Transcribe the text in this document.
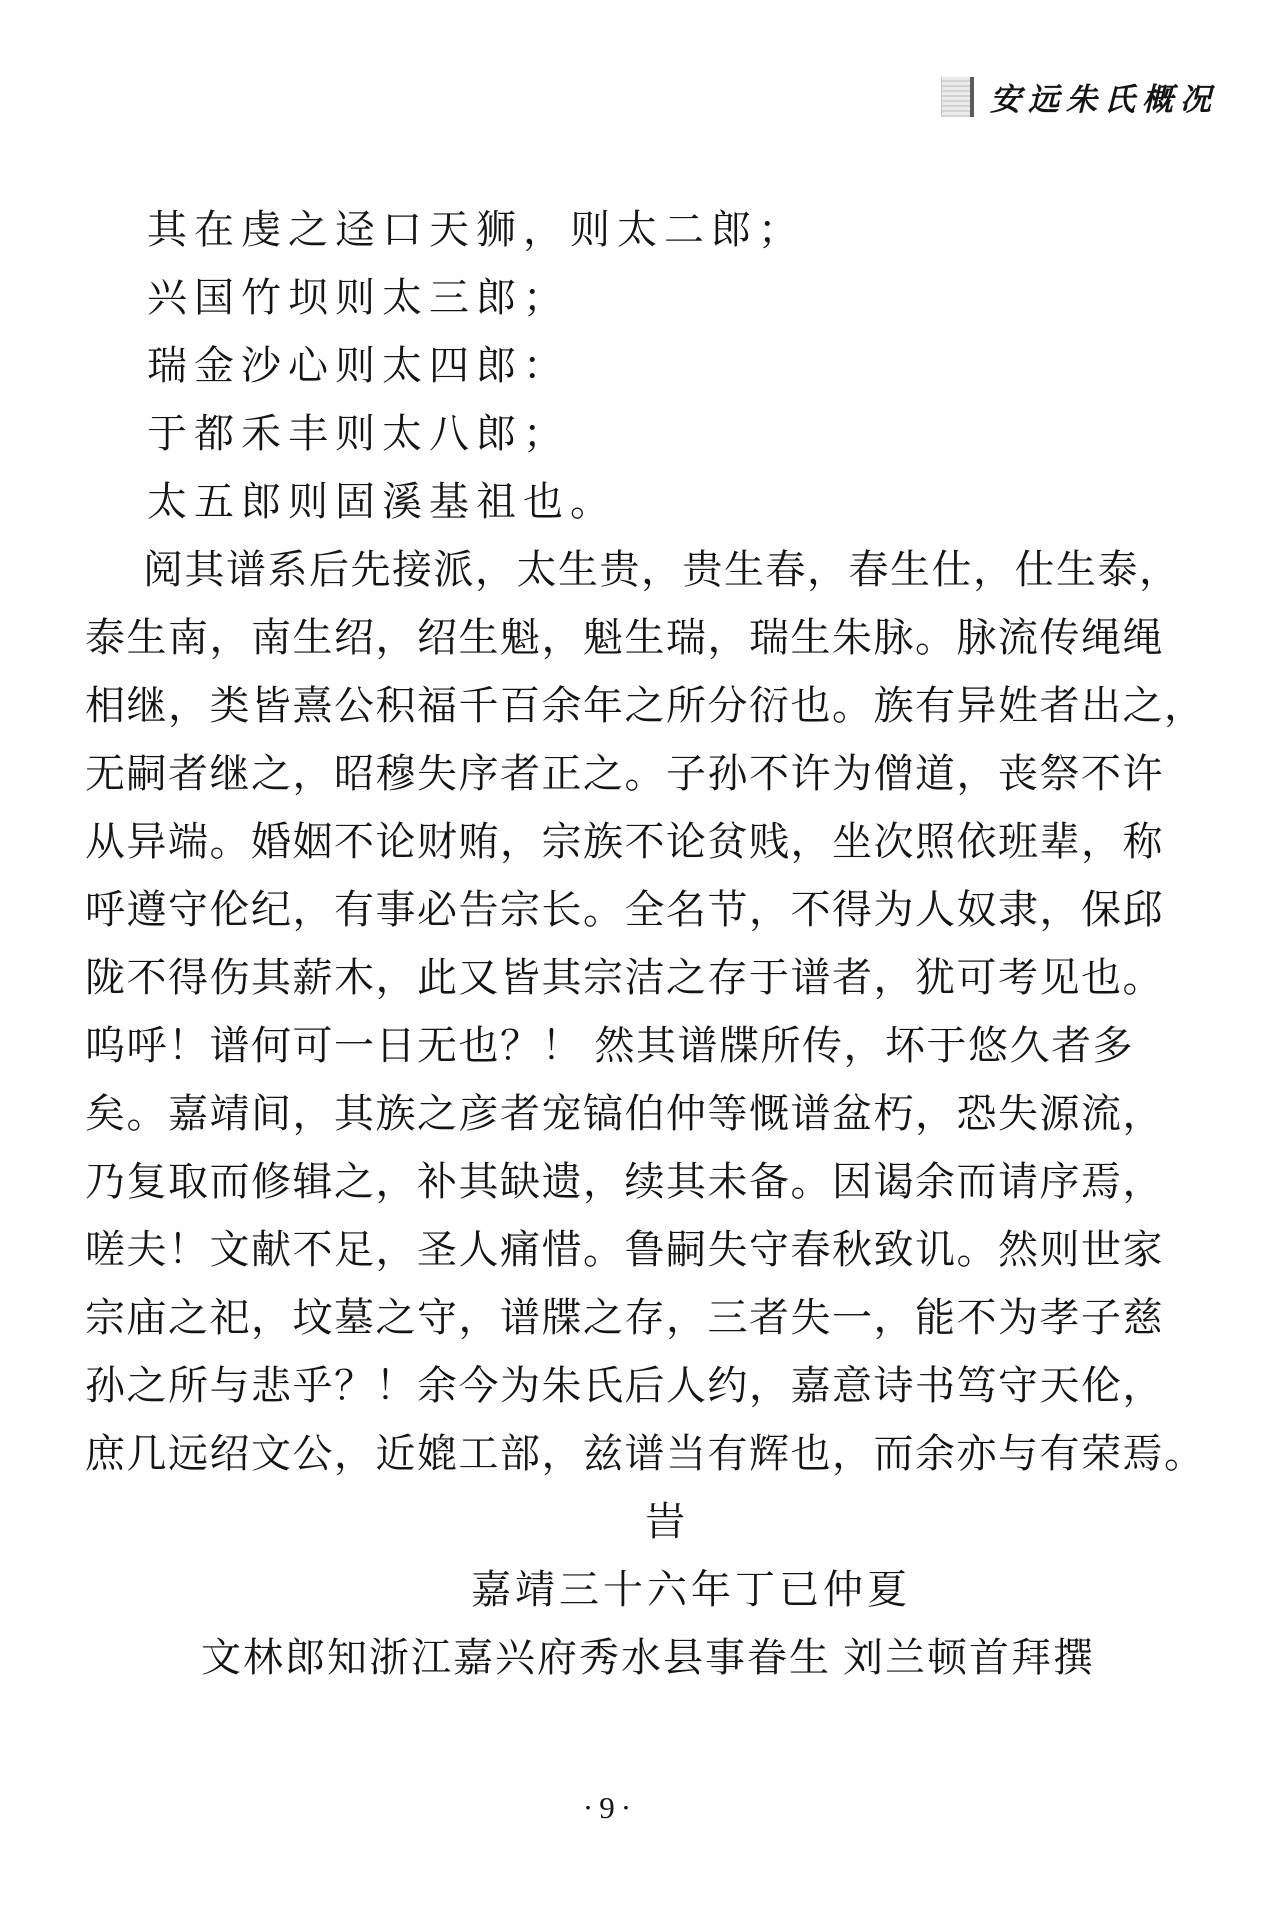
安远朱氏概况
其在虔之迳口天狮，则太二郎；
兴国竹坝则太三郎；
瑞金沙心则太四郎：
于都禾丰则太八郎；
太五郎则固溪基祖也。
阅其谱系后先接派，太生贵，贵生春，春生仕，仕生泰，
泰生南，南生绍，绍生魁，魁生瑞，瑞生朱脉。脉流传绳绳
相继，类皆熹公积福千百余年之所分衍也。族有异姓者出之，
无嗣者继之，昭穆失序者正之。子孙不许为僧道，丧祭不许
从异端。婚姻不论财贿，宗族不论贫贱，坐次照依班辈，称
呼遵守伦纪，有事必告宗长。全名节，不得为人奴隶，保邱
陇不得伤其薪木，此又皆其宗洁之存于谱者，犹可考见也。
呜呼！谱何可一日无也？！ 然其谱牒所传，坏于悠久者多
矣。嘉靖间，其族之彦者宠镐伯仲等慨谱盆朽，恐失源流，
乃复取而修辑之，补其缺遗，续其未备。因谒余而请序焉，
嗟夫！文献不足，圣人痛惜。鲁嗣失守春秋致讥。然则世家
宗庙之祀，坟墓之守，谱牒之存，三者失一，能不为孝子慈
孙之所与悲乎？！余今为朱氏后人约，嘉意诗书笃守天伦，
庶几远绍文公，近媲工部，兹谱当有辉也，而余亦与有荣焉。
旹
嘉靖三十六年丁已仲夏
文林郎知浙江嘉兴府秀水县事眷生 刘兰顿首拜撰
·9·
